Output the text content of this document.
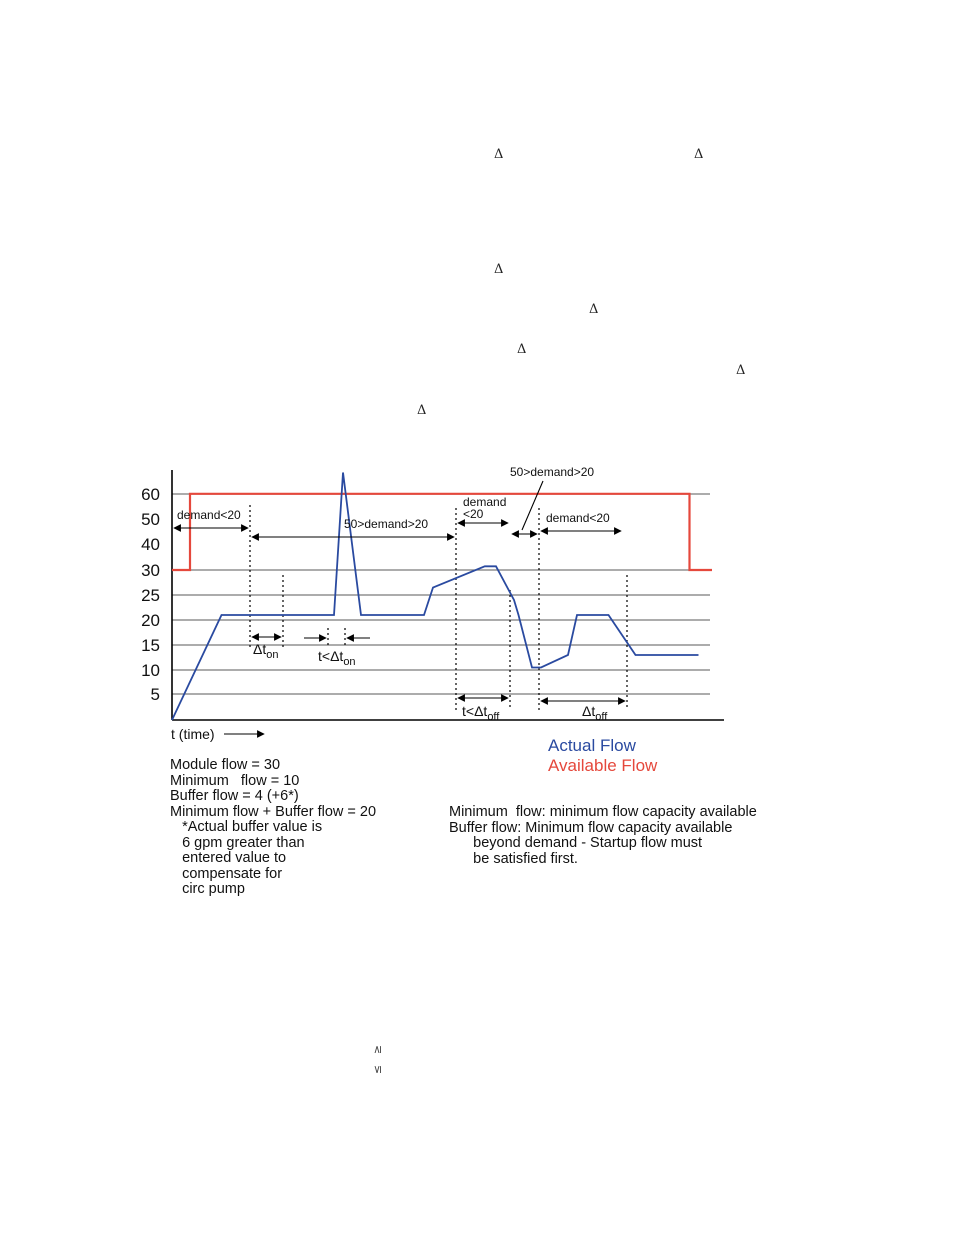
Δ	Δ
Δ
Δ
Δ
Δ
Δ
60
50
40
30
25
20
15
10
5
demand<20
50>demand>20
demand
<20
50>demand>20
demand<20
$\Delta t_{on}$	$t<\Delta t_{on}$
$t<\Delta t_{off}$	$\Delta t_{off}$
t (time)
Actual Flow
Available Flow
Module flow = 30
Minimum   flow = 10
Buffer flow = 4 (+6*)
Minimum flow + Buffer flow = 20
*Actual buffer value is
6 gpm greater than
entered value to
compensate for
circ pump
Minimum  flow: minimum flow capacity available
Buffer flow: Minimum flow capacity available
beyond demand - Startup flow must
be satisfied first.
≥
≤
